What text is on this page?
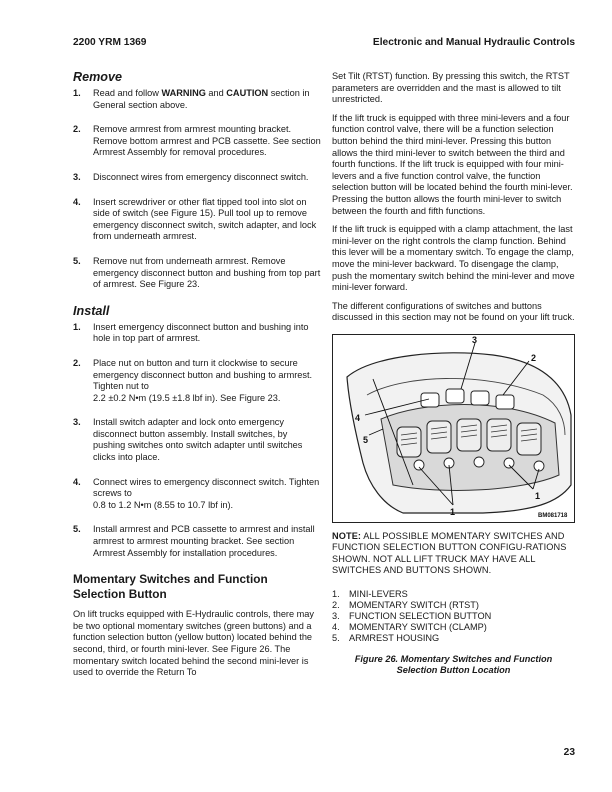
2200 YRM 1369	Electronic and Manual Hydraulic Controls
Remove
1. Read and follow WARNING and CAUTION section in General section above.
2. Remove armrest from armrest mounting bracket. Remove bottom armrest and PCB cassette. See section Armrest Assembly for removal procedures.
3. Disconnect wires from emergency disconnect switch.
4. Insert screwdriver or other flat tipped tool into slot on side of switch (see Figure 15). Pull tool up to remove emergency disconnect switch, switch adapter, and lock from underneath armrest.
5. Remove nut from underneath armrest. Remove emergency disconnect button and bushing from top part of armrest. See Figure 23.
Install
1. Insert emergency disconnect button and bushing into hole in top part of armrest.
2. Place nut on button and turn it clockwise to secure emergency disconnect button and bushing to armrest. Tighten nut to
2.2 ±0.2 N•m (19.5 ±1.8 lbf in). See Figure 23.
3. Install switch adapter and lock onto emergency disconnect button assembly. Install switches, by pushing switches onto switch adapter until switches clicks into place.
4. Connect wires to emergency disconnect switch. Tighten screws to
0.8 to 1.2 N•m (8.55 to 10.7 lbf in).
5. Install armrest and PCB cassette to armrest and install armrest to armrest mounting bracket. See section Armrest Assembly for installation procedures.
Momentary Switches and Function Selection Button

On lift trucks equipped with E-Hydraulic controls, there may be two optional momentary switches (green buttons) and a function selection button (yellow button) located behind the second, third, or fourth mini-lever. See Figure 26. The momentary switch located behind the second mini-lever is used to override the Return To

Set Tilt (RTST) function. By pressing this switch, the RTST parameters are overridden and the mast is allowed to tilt unrestricted.

If the lift truck is equipped with three mini-levers and a four function control valve, there will be a function selection button behind the third mini-lever. Pressing this button allows the third mini-lever to switch between the third and fourth functions. If the lift truck is equipped with four mini-levers and a five function control valve, the function selection button will be located behind the fourth mini-lever. Pressing the button allows the fourth mini-lever to switch between the fourth and fifth functions.

If the lift truck is equipped with a clamp attachment, the last mini-lever on the right controls the clamp function. Behind this lever will be a momentary switch. To engage the clamp, move the mini-lever backward. To disengage the clamp, push the momentary switch behind the mini-lever and move mini-lever forward.

The different configurations of switches and buttons discussed in this section may not be found on your lift truck.

3
2
4
5
1
1
BM081718

NOTE: ALL POSSIBLE MOMENTARY SWITCHES AND FUNCTION SELECTION BUTTON CONFIGU-RATIONS SHOWN. NOT ALL LIFT TRUCK MAY HAVE ALL SWITCHES AND BUTTONS SHOWN.

1. MINI-LEVERS
2. MOMENTARY SWITCH (RTST)
3. FUNCTION SELECTION BUTTON
4. MOMENTARY SWITCH (CLAMP)
5. ARMREST HOUSING
Figure 26. Momentary Switches and Function
Selection Button Location
23
